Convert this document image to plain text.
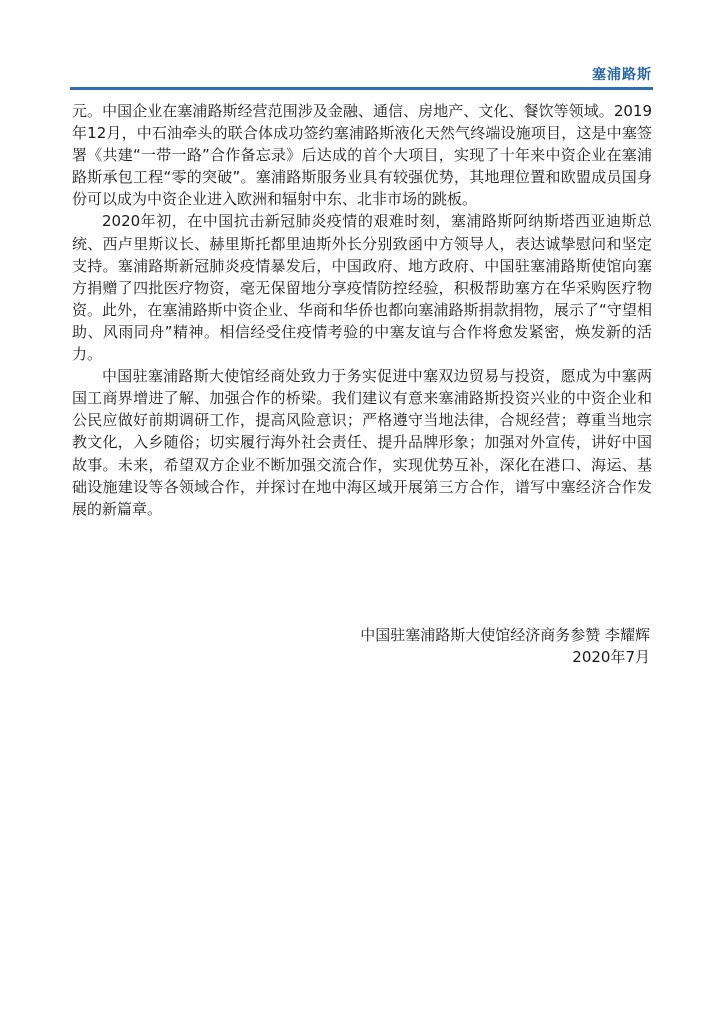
塞浦路斯

元。中国企业在塞浦路斯经营范围涉及金融、通信、房地产、文化、餐饮等领域。2019年12月，中石油牵头的联合体成功签约塞浦路斯液化天然气终端设施项目，这是中塞签署《共建“一带一路”合作备忘录》后达成的首个大项目，实现了十年来中资企业在塞浦路斯承包工程“零的突破”。塞浦路斯服务业具有较强优势，其地理位置和欧盟成员国身份可以成为中资企业进入欧洲和辐射中东、北非市场的跳板。

2020年初，在中国抗击新冠肺炎疫情的艰难时刻，塞浦路斯阿纳斯塔西亚迪斯总统、西卢里斯议长、赫里斯托都里迪斯外长分别致函中方领导人，表达诚挚慰问和坚定支持。塞浦路斯新冠肺炎疫情暴发后，中国政府、地方政府、中国驻塞浦路斯使馆向塞方捐赠了四批医疗物资，毫无保留地分享疫情防控经验，积极帮助塞方在华采购医疗物资。此外，在塞浦路斯中资企业、华商和华侨也都向塞浦路斯捐款捐物，展示了“守望相助、风雨同舟”精神。相信经受住疫情考验的中塞友谊与合作将愈发紧密，焕发新的活力。

中国驻塞浦路斯大使馆经商处致力于务实促进中塞双边贸易与投资，愿成为中塞两国工商界增进了解、加强合作的桥梁。我们建议有意来塞浦路斯投资兴业的中资企业和公民应做好前期调研工作，提高风险意识；严格遵守当地法律，合规经营；尊重当地宗教文化，入乡随俗；切实履行海外社会责任、提升品牌形象；加强对外宣传，讲好中国故事。未来，希望双方企业不断加强交流合作，实现优势互补，深化在港口、海运、基础设施建设等各领域合作，并探讨在地中海区域开展第三方合作，谱写中塞经济合作发展的新篇章。

中国驻塞浦路斯大使馆经济商务参赞 李耀辉
2020年7月
